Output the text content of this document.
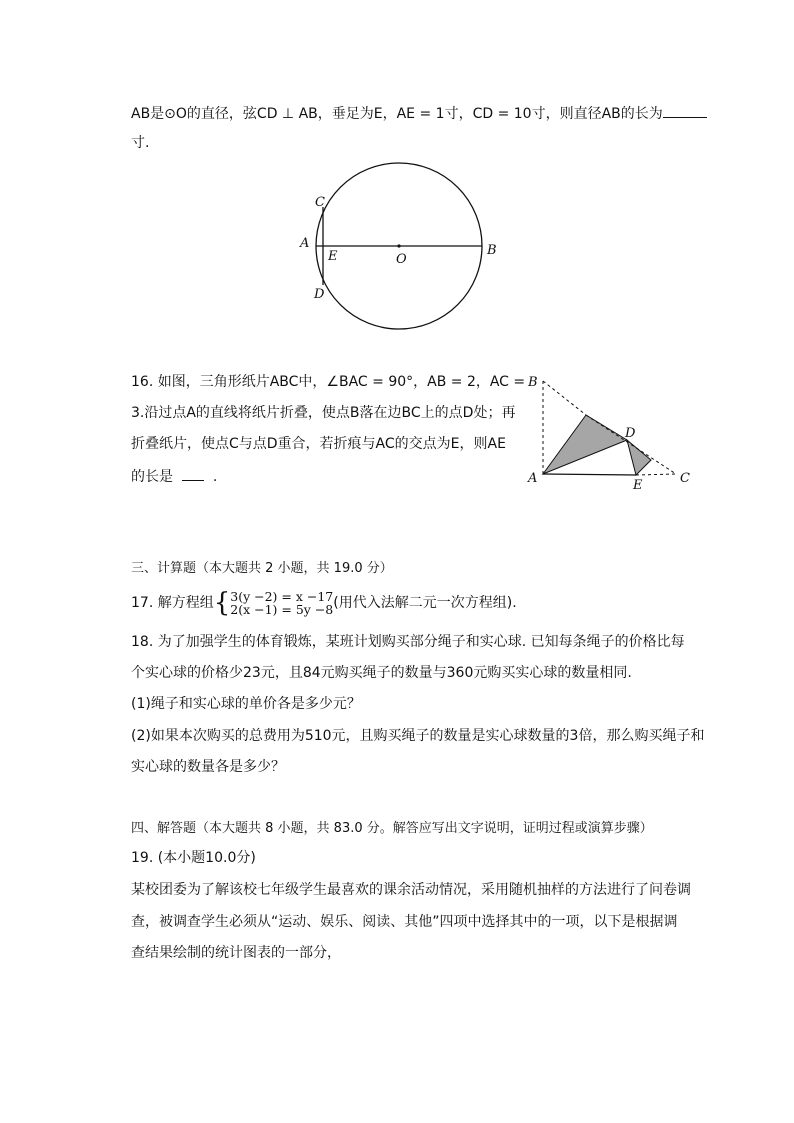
AB是⊙O的直径，弦CD ⊥ AB，垂足为E，AE = 1寸，CD = 10寸，则直径AB的长为
寸.
C
A
E	O
B
D
16. 如图，三角形纸片ABC中，∠BAC = 90°，AB = 2，AC =
3.沿过点A的直线将纸片折叠，使点B落在边BC上的点D处；再
折叠纸片，使点C与点D重合，若折痕与AC的交点为E，则AE
的长是	.
B
D
A	E	C
三、计算题（本大题共 2 小题，共 19.0 分）
17. 解方程组{ 3(y −2) = x −17
2(x −1) = 5y −8 (用代入法解二元一次方程组).
18. 为了加强学生的体育锻炼，某班计划购买部分绳子和实心球. 已知每条绳子的价格比每
个实心球的价格少23元，且84元购买绳子的数量与360元购买实心球的数量相同.
(1)绳子和实心球的单价各是多少元？
(2)如果本次购买的总费用为510元，且购买绳子的数量是实心球数量的3倍，那么购买绳子和
实心球的数量各是多少？
四、解答题（本大题共 8 小题，共 83.0 分。解答应写出文字说明，证明过程或演算步骤）
19. (本小题10.0分)
某校团委为了解该校七年级学生最喜欢的课余活动情况，采用随机抽样的方法进行了问卷调
查，被调查学生必须从“运动、娱乐、阅读、其他”四项中选择其中的一项，以下是根据调
查结果绘制的统计图表的一部分，
